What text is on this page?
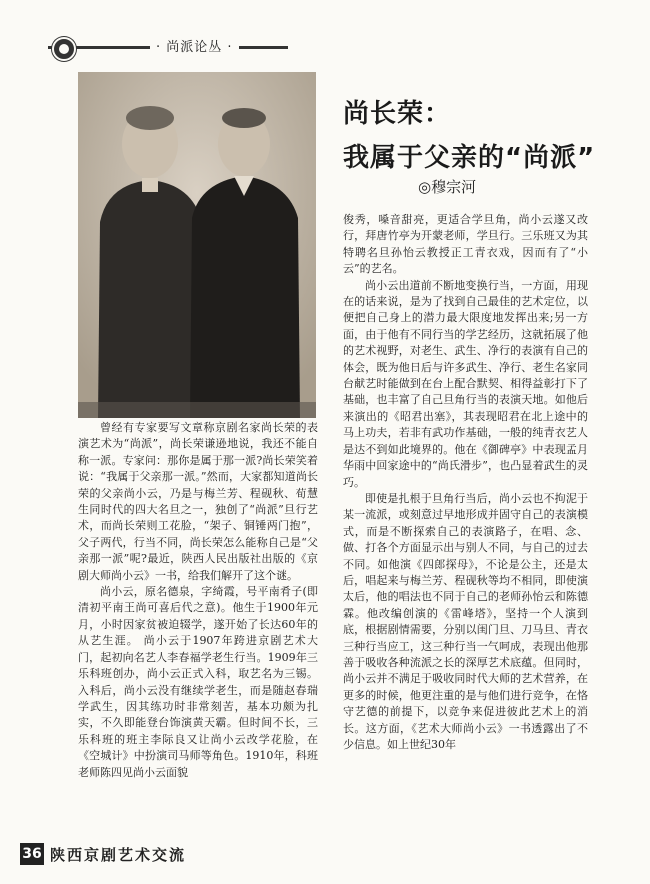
· 尚派论丛 ·
尚长荣：
我属于父亲的“尚派”
◎穆宗河

曾经有专家要写文章称京剧名家尚长荣的表演艺术为“尚派”，尚长荣谦逊地说，我还不能自称一派。专家问：那你是属于那一派?尚长荣笑着说：“我属于父亲那一派。”然而，大家都知道尚长荣的父亲尚小云，乃是与梅兰芳、程砚秋、荀慧生同时代的四大名旦之一，独创了“尚派”旦行艺术，而尚长荣则工花脸，“架子、铜锤两门抱”，父子两代，行当不同，尚长荣怎么能称自己是“父亲那一派”呢?最近，陕西人民出版社出版的《京剧大师尚小云》一书，给我们解开了这个谜。

尚小云，原名德泉，字绮霞，号平南肴子(即清初平南王尚可喜后代之意)。他生于1900年元月，小时因家贫被迫辍学，遂开始了长达60年的从艺生涯。 尚小云于1907年跨进京剧艺术大门，起初向名艺人李春福学老生行当。1909年三乐科班创办，尚小云正式入科，取艺名为三锡。入科后，尚小云没有继续学老生，而是随赵春瑞学武生，因其练功时非常刻苦，基本功颇为扎实，不久即能登台饰演黄天霸。但时间不长，三乐科班的班主李际良又让尚小云改学花脸，在《空城计》中扮演司马师等角色。1910年，科班老师陈四见尚小云面貌

俊秀，嗓音甜亮，更适合学旦角，尚小云遂又改行，拜唐竹亭为开蒙老师，学旦行。三乐班又为其特聘名旦孙怡云教授正工青衣戏，因而有了“小云”的艺名。

尚小云出道前不断地变换行当，一方面，用现在的话来说，是为了找到自己最佳的艺术定位，以便把自己身上的潜力最大限度地发挥出来;另一方面，由于他有不同行当的学艺经历，这就拓展了他的艺术视野，对老生、武生、净行的表演有自己的体会，既为他日后与许多武生、净行、老生名家同台献艺时能做到在台上配合默契、相得益彰打下了基础，也丰富了自己旦角行当的表演天地。如他后来演出的《昭君出塞》，其表现昭君在北上途中的马上功夫，若非有武功作基础，一般的纯青衣艺人是达不到如此境界的。他在《御碑亭》中表现孟月华雨中回家途中的“尚氏滑步”，也凸显着武生的灵巧。

即使是扎根于旦角行当后，尚小云也不拘泥于某一流派，或刻意过早地形成并固守自己的表演模式，而是不断探索自己的表演路子，在唱、念、做、打各个方面显示出与别人不同，与自己的过去不同。如他演《四郎探母》，不论是公主，还是太后，唱起来与梅兰芳、程砚秋等均不相同，即使演太后，他的唱法也不同于自己的老师孙怡云和陈德霖。他改编创演的《雷峰塔》，坚持一个人演到底，根据剧情需要，分别以闺门旦、刀马旦、青衣三种行当应工，这三种行当一气呵成，表现出他那善于吸收各种流派之长的深厚艺术底蕴。但同时，尚小云并不满足于吸收同时代大师的艺术营养，在更多的时候，他更注重的是与他们进行竞争，在恪守艺德的前提下，以竞争来促进彼此艺术上的消长。这方面，《艺术大师尚小云》一书透露出了不少信息。如上世纪30年

36 陕西京剧艺术交流
